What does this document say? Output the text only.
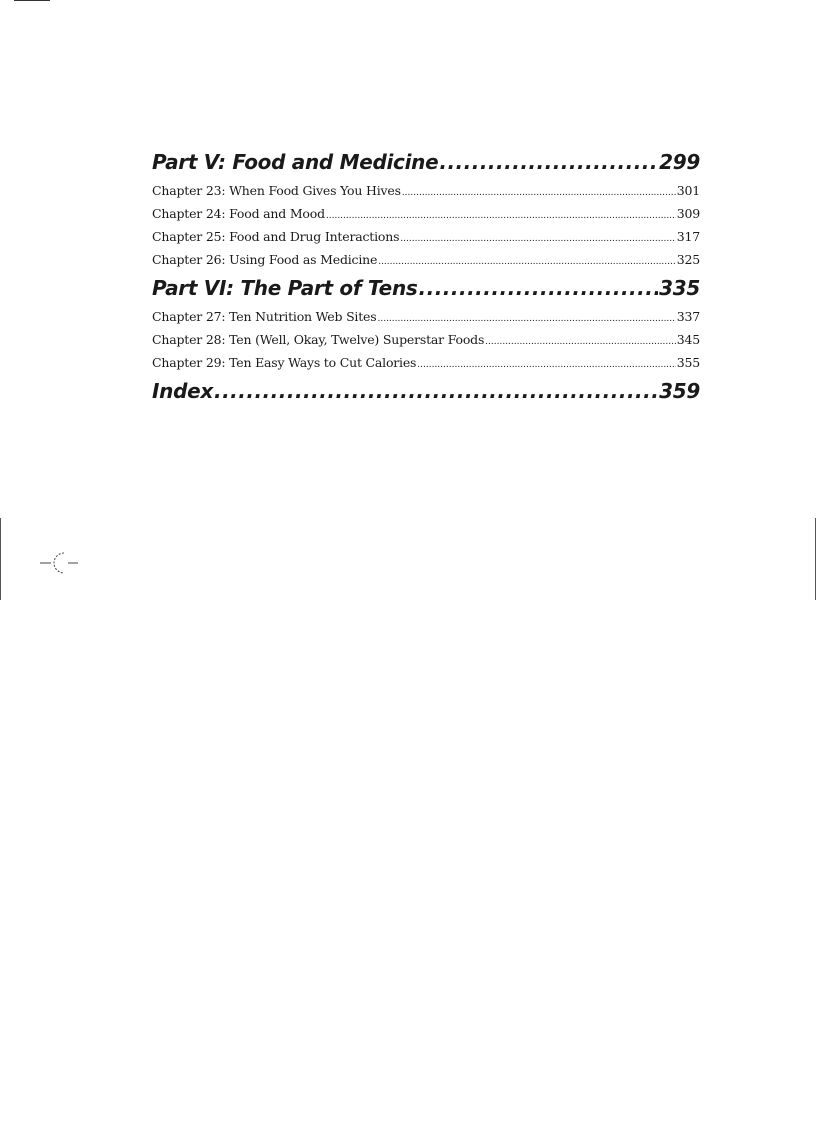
Part V: Food and Medicine .....	299
Chapter 23: When Food Gives You Hives .....	301
Chapter 24: Food and Mood .....	309
Chapter 25: Food and Drug Interactions .....	317
Chapter 26: Using Food as Medicine .....	325
Part VI: The Part of Tens .....	335
Chapter 27: Ten Nutrition Web Sites .....	337
Chapter 28: Ten (Well, Okay, Twelve) Superstar Foods .....	345
Chapter 29: Ten Easy Ways to Cut Calories .....	355
Index .....	359
